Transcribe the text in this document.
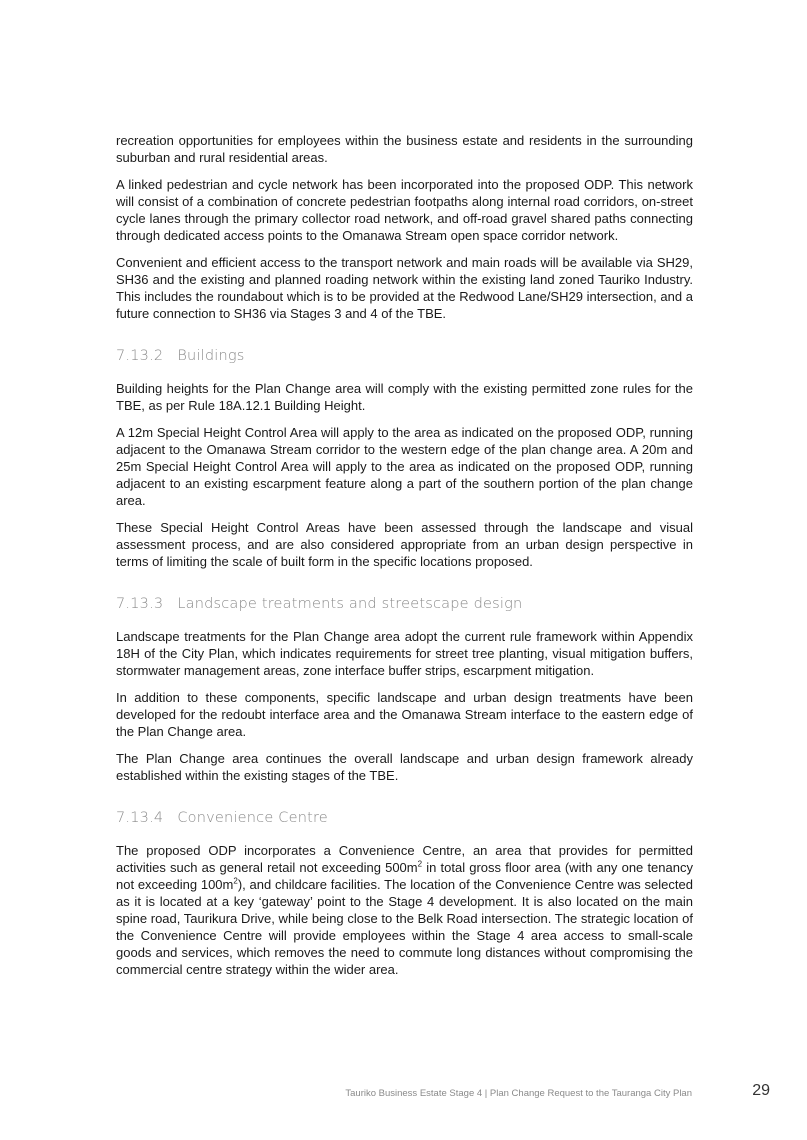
recreation opportunities for employees within the business estate and residents in the surrounding suburban and rural residential areas.

A linked pedestrian and cycle network has been incorporated into the proposed ODP. This network will consist of a combination of concrete pedestrian footpaths along internal road corridors, on-street cycle lanes through the primary collector road network, and off-road gravel shared paths connecting through dedicated access points to the Omanawa Stream open space corridor network.

Convenient and efficient access to the transport network and main roads will be available via SH29, SH36 and the existing and planned roading network within the existing land zoned Tauriko Industry. This includes the roundabout which is to be provided at the Redwood Lane/SH29 intersection, and a future connection to SH36 via Stages 3 and 4 of the TBE.

7.13.2 Buildings

Building heights for the Plan Change area will comply with the existing permitted zone rules for the TBE, as per Rule 18A.12.1 Building Height.

A 12m Special Height Control Area will apply to the area as indicated on the proposed ODP, running adjacent to the Omanawa Stream corridor to the western edge of the plan change area. A 20m and 25m Special Height Control Area will apply to the area as indicated on the proposed ODP, running adjacent to an existing escarpment feature along a part of the southern portion of the plan change area.

These Special Height Control Areas have been assessed through the landscape and visual assessment process, and are also considered appropriate from an urban design perspective in terms of limiting the scale of built form in the specific locations proposed.

7.13.3 Landscape treatments and streetscape design

Landscape treatments for the Plan Change area adopt the current rule framework within Appendix 18H of the City Plan, which indicates requirements for street tree planting, visual mitigation buffers, stormwater management areas, zone interface buffer strips, escarpment mitigation.

In addition to these components, specific landscape and urban design treatments have been developed for the redoubt interface area and the Omanawa Stream interface to the eastern edge of the Plan Change area.

The Plan Change area continues the overall landscape and urban design framework already established within the existing stages of the TBE.

7.13.4 Convenience Centre

The proposed ODP incorporates a Convenience Centre, an area that provides for permitted activities such as general retail not exceeding $500m^2$ in total gross floor area (with any one tenancy not exceeding $100m^2$), and childcare facilities. The location of the Convenience Centre was selected as it is located at a key ‘gateway’ point to the Stage 4 development. It is also located on the main spine road, Taurikura Drive, while being close to the Belk Road intersection. The strategic location of the Convenience Centre will provide employees within the Stage 4 area access to small-scale goods and services, which removes the need to commute long distances without compromising the commercial centre strategy within the wider area.

Tauriko Business Estate Stage 4 | Plan Change Request to the Tauranga City Plan	29
